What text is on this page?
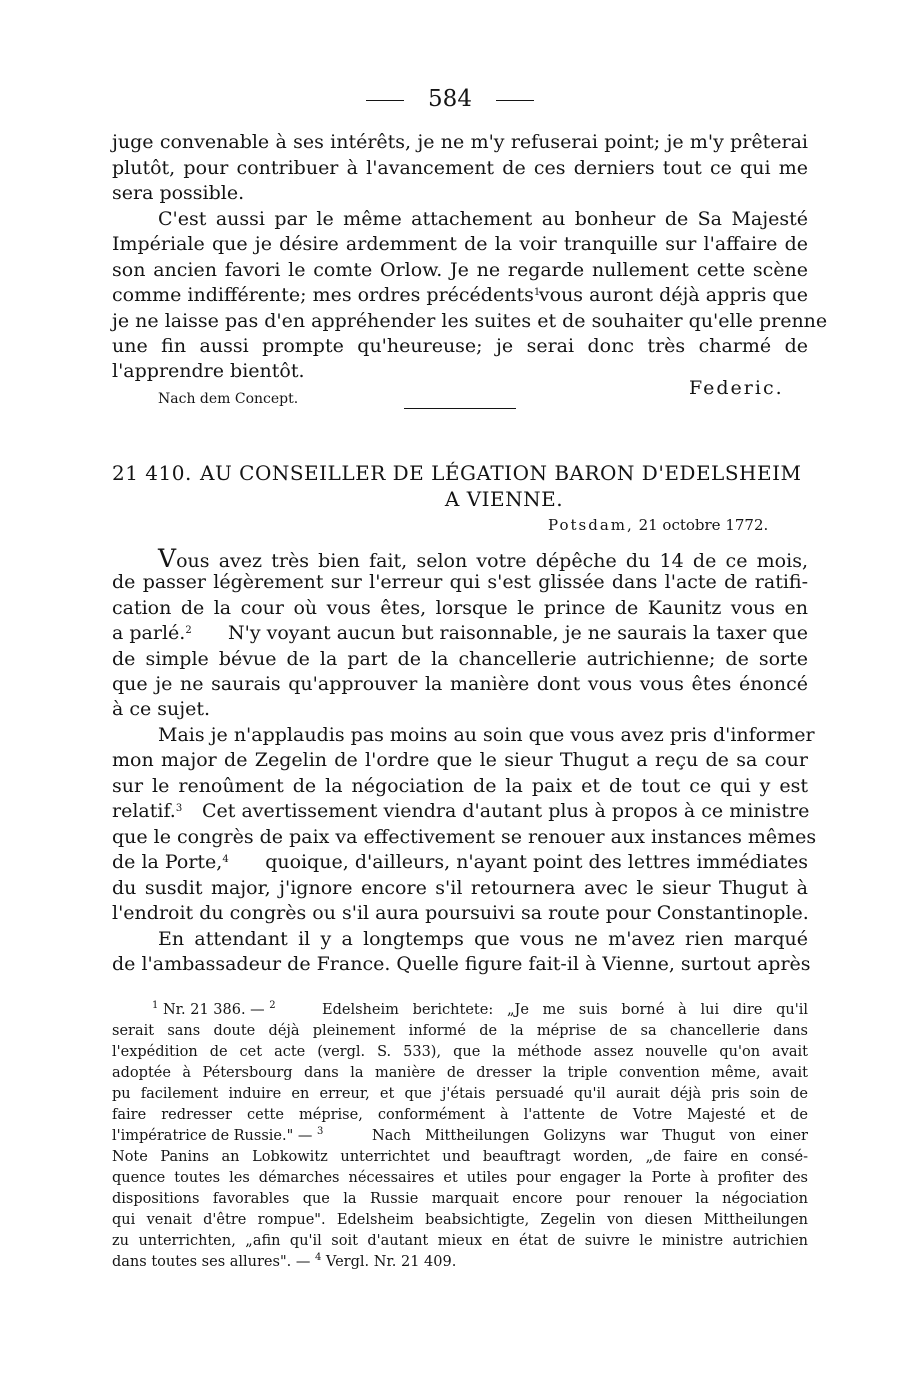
584
juge convenable à ses intérêts, je ne m'y refuserai point; je m'y prêterai
plutôt, pour contribuer à l'avancement de ces derniers tout ce qui me
sera possible.
C'est aussi par le même attachement au bonheur de Sa Majesté
Impériale que je désire ardemment de la voir tranquille sur l'affaire de
son ancien favori le comte Orlow. Je ne regarde nullement cette scène
comme indifférente; mes ordres précédents$^1$
vous auront déjà appris que
je ne laisse pas d'en appréhender les suites et de souhaiter qu'elle prenne
une fin aussi prompte qu'heureuse; je serai donc très charmé de
l'apprendre bientôt.
Federic.
Nach dem Concept.
21 410. AU CONSEILLER DE LÉGATION BARON D'EDELSHEIM
A VIENNE.
Potsdam, 21 octobre 1772.
Vous avez très bien fait, selon votre dépêche du 14 de ce mois,
de passer légèrement sur l'erreur qui s'est glissée dans l'acte de ratifi-
cation de la cour où vous êtes, lorsque le prince de Kaunitz vous en
a parlé.$^2$	N'y voyant aucun but raisonnable, je ne saurais la taxer que
de simple bévue de la part de la chancellerie autrichienne; de sorte
que je ne saurais qu'approuver la manière dont vous vous êtes énoncé
à ce sujet.
Mais je n'applaudis pas moins au soin que vous avez pris d'informer
mon major de Zegelin de l'ordre que le sieur Thugut a reçu de sa cour
sur le renoûment de la négociation de la paix et de tout ce qui y est
relatif.$^3$	Cet avertissement viendra d'autant plus à propos à ce ministre
que le congrès de paix va effectivement se renouer aux instances mêmes
de la Porte,$^4$	quoique, d'ailleurs, n'ayant point des lettres immédiates
du susdit major, j'ignore encore s'il retournera avec le sieur Thugut à
l'endroit du congrès ou s'il aura poursuivi sa route pour Constantinople.
En attendant il y a longtemps que vous ne m'avez rien marqué
de l'ambassadeur de France. Quelle figure fait-il à Vienne, surtout après
$^1$ Nr. 21 386. — $^2$	Edelsheim berichtete: „Je me suis borné à lui dire qu'il
serait sans doute déjà pleinement informé de la méprise de sa chancellerie dans
l'expédition de cet acte (vergl. S. 533), que la méthode assez nouvelle qu'on avait
adoptée à Pétersbourg dans la manière de dresser la triple convention même, avait
pu facilement induire en erreur, et que j'étais persuadé qu'il aurait déjà pris soin de
faire redresser cette méprise, conformément à l'attente de Votre Majesté et de
l'impératrice de Russie." — $^3$	Nach Mittheilungen Golizyns war Thugut von einer
Note Panins an Lobkowitz unterrichtet und beauftragt worden, „de faire en consé-
quence toutes les démarches nécessaires et utiles pour engager la Porte à profiter des
dispositions favorables que la Russie marquait encore pour renouer la négociation
qui venait d'être rompue". Edelsheim beabsichtigte, Zegelin von diesen Mittheilungen
zu unterrichten, „afin qu'il soit d'autant mieux en état de suivre le ministre autrichien
dans toutes ses allures". — $^4$ Vergl. Nr. 21 409.
